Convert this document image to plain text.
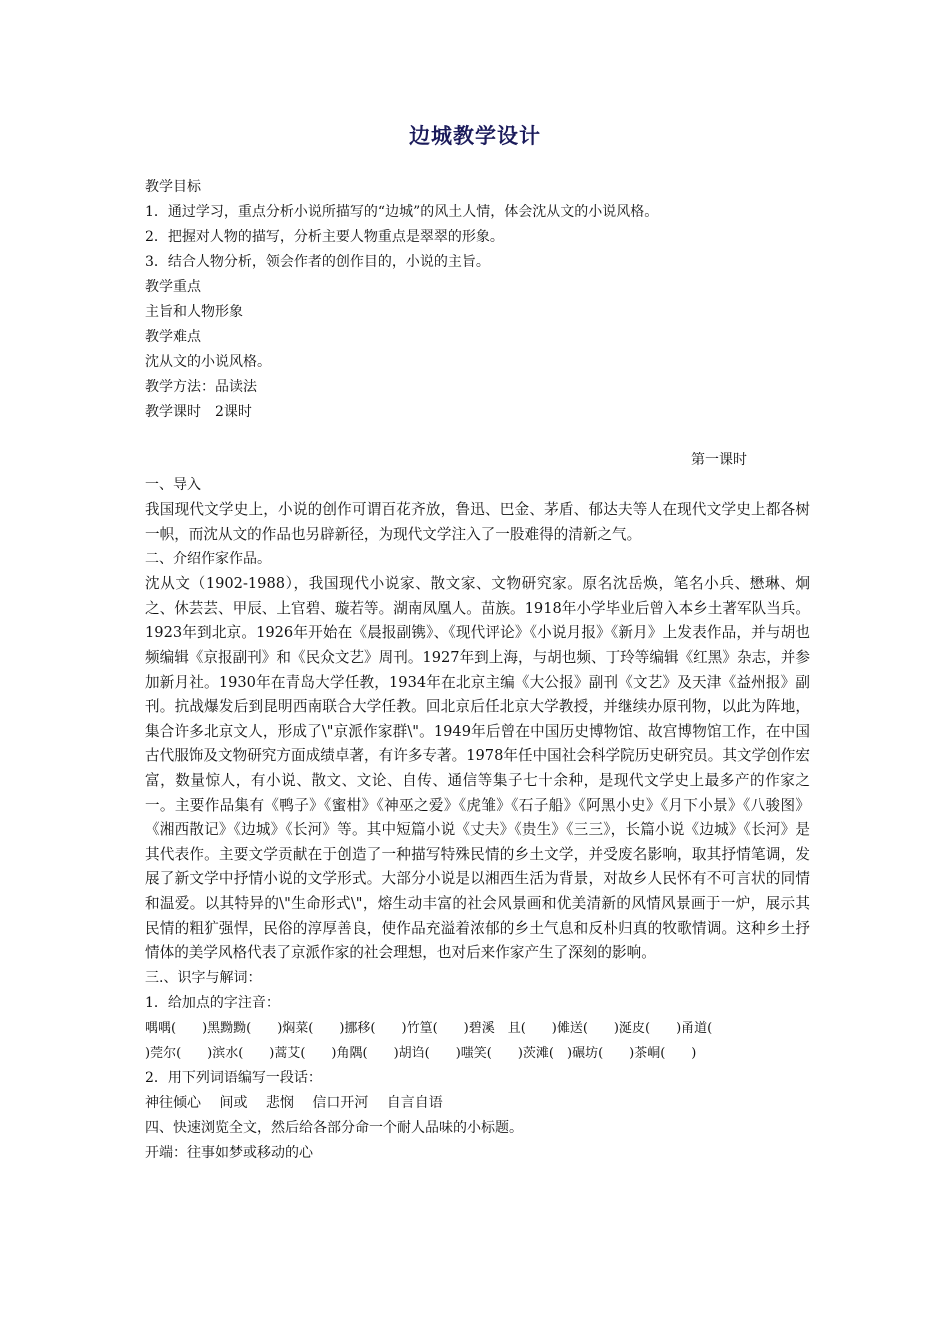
边城教学设计
教学目标
1．通过学习，重点分析小说所描写的“边城”的风土人情，体会沈从文的小说风格。
2．把握对人物的描写，分析主要人物重点是翠翠的形象。
3．结合人物分析，领会作者的创作目的，小说的主旨。
教学重点
主旨和人物形象
教学难点
沈从文的小说风格。
教学方法：品读法
教学课时　2课时
第一课时
一、导入
我国现代文学史上，小说的创作可谓百花齐放，鲁迅、巴金、茅盾、郁达夫等人在现代文学史上都各树一帜，而沈从文的作品也另辟新径，为现代文学注入了一股难得的清新之气。
二、介绍作家作品。
沈从文（1902-1988），我国现代小说家、散文家、文物研究家。原名沈岳焕，笔名小兵、懋琳、炯之、休芸芸、甲辰、上官碧、璇若等。湖南凤凰人。苗族。1918年小学毕业后曾入本乡土著军队当兵。1923年到北京。1926年开始在《晨报副镌》、《现代评论》《小说月报》《新月》上发表作品，并与胡也频编辑《京报副刊》和《民众文艺》周刊。1927年到上海，与胡也频、丁玲等编辑《红黑》杂志，并参加新月社。1930年在青岛大学任教，1934年在北京主编《大公报》副刊《文艺》及天津《益州报》副刊。抗战爆发后到昆明西南联合大学任教。回北京后任北京大学教授，并继续办原刊物，以此为阵地，集合许多北京文人，形成了\"京派作家群\"。1949年后曾在中国历史博物馆、故宫博物馆工作，在中国古代服饰及文物研究方面成绩卓著，有许多专著。1978年任中国社会科学院历史研究员。其文学创作宏富，数量惊人，有小说、散文、文论、自传、通信等集子七十余种，是现代文学史上最多产的作家之一。主要作品集有《鸭子》《蜜柑》《神巫之爱》《虎雏》《石子船》《阿黑小史》《月下小景》《八骏图》《湘西散记》《边城》《长河》等。其中短篇小说《丈夫》《贵生》《三三》，长篇小说《边城》《长河》是其代表作。主要文学贡献在于创造了一种描写特殊民情的乡土文学，并受废名影响，取其抒情笔调，发展了新文学中抒情小说的文学形式。大部分小说是以湘西生活为背景，对故乡人民怀有不可言状的同情和温爱。以其特异的\"生命形式\"，熔生动丰富的社会风景画和优美清新的风情风景画于一炉，展示其民情的粗犷强悍，民俗的淳厚善良，使作品充溢着浓郁的乡土气息和反朴归真的牧歌情调。这种乡土抒情体的美学风格代表了京派作家的社会理想，也对后来作家产生了深刻的影响。
三.、识字与解词：
1．给加点的字注音：
喁喁(　　)黑黝黝(　　)焖菜(　　)挪移(　　)竹篁(　　)碧溪　且(　　)傩送(　　)涎皮(　　)甬道(
)莞尔(　　)滨水(　　)蒿艾(　　)角隅(　　)胡诌(　　)嗤笑(　　)茨滩(　)碾坊(　　)茶峒(　　)
2．用下列词语编写一段话：
神往倾心　 间或　 悲悯　 信口开河　 自言自语
四、快速浏览全文，然后给各部分命一个耐人品味的小标题。
开端：往事如梦或移动的心
